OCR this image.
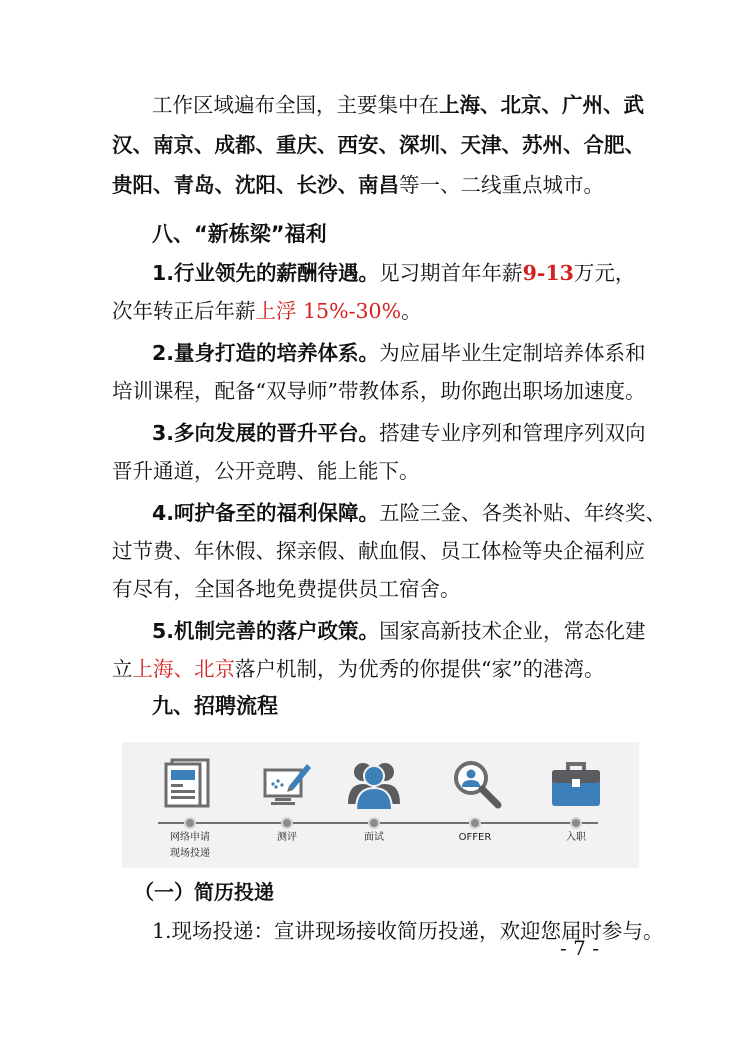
工作区域遍布全国，主要集中在上海、北京、广州、武
汉、南京、成都、重庆、西安、深圳、天津、苏州、合肥、
贵阳、青岛、沈阳、长沙、南昌等一、二线重点城市。
八、“新栋梁”福利
1.行业领先的薪酬待遇。见习期首年年薪9-13万元，
次年转正后年薪上浮 15%-30%。
2.量身打造的培养体系。为应届毕业生定制培养体系和
培训课程，配备“双导师”带教体系，助你跑出职场加速度。
3.多向发展的晋升平台。搭建专业序列和管理序列双向
晋升通道，公开竞聘、能上能下。
4.呵护备至的福利保障。五险三金、各类补贴、年终奖、
过节费、年休假、探亲假、献血假、员工体检等央企福利应
有尽有，全国各地免费提供员工宿舍。
5.机制完善的落户政策。国家高新技术企业，常态化建
立上海、北京落户机制，为优秀的你提供“家”的港湾。
九、招聘流程
网络申请
现场投递
测评	面试	OFFER	入职
（一）简历投递
1.现场投递：宣讲现场接收简历投递，欢迎您届时参与。
- 7 -
